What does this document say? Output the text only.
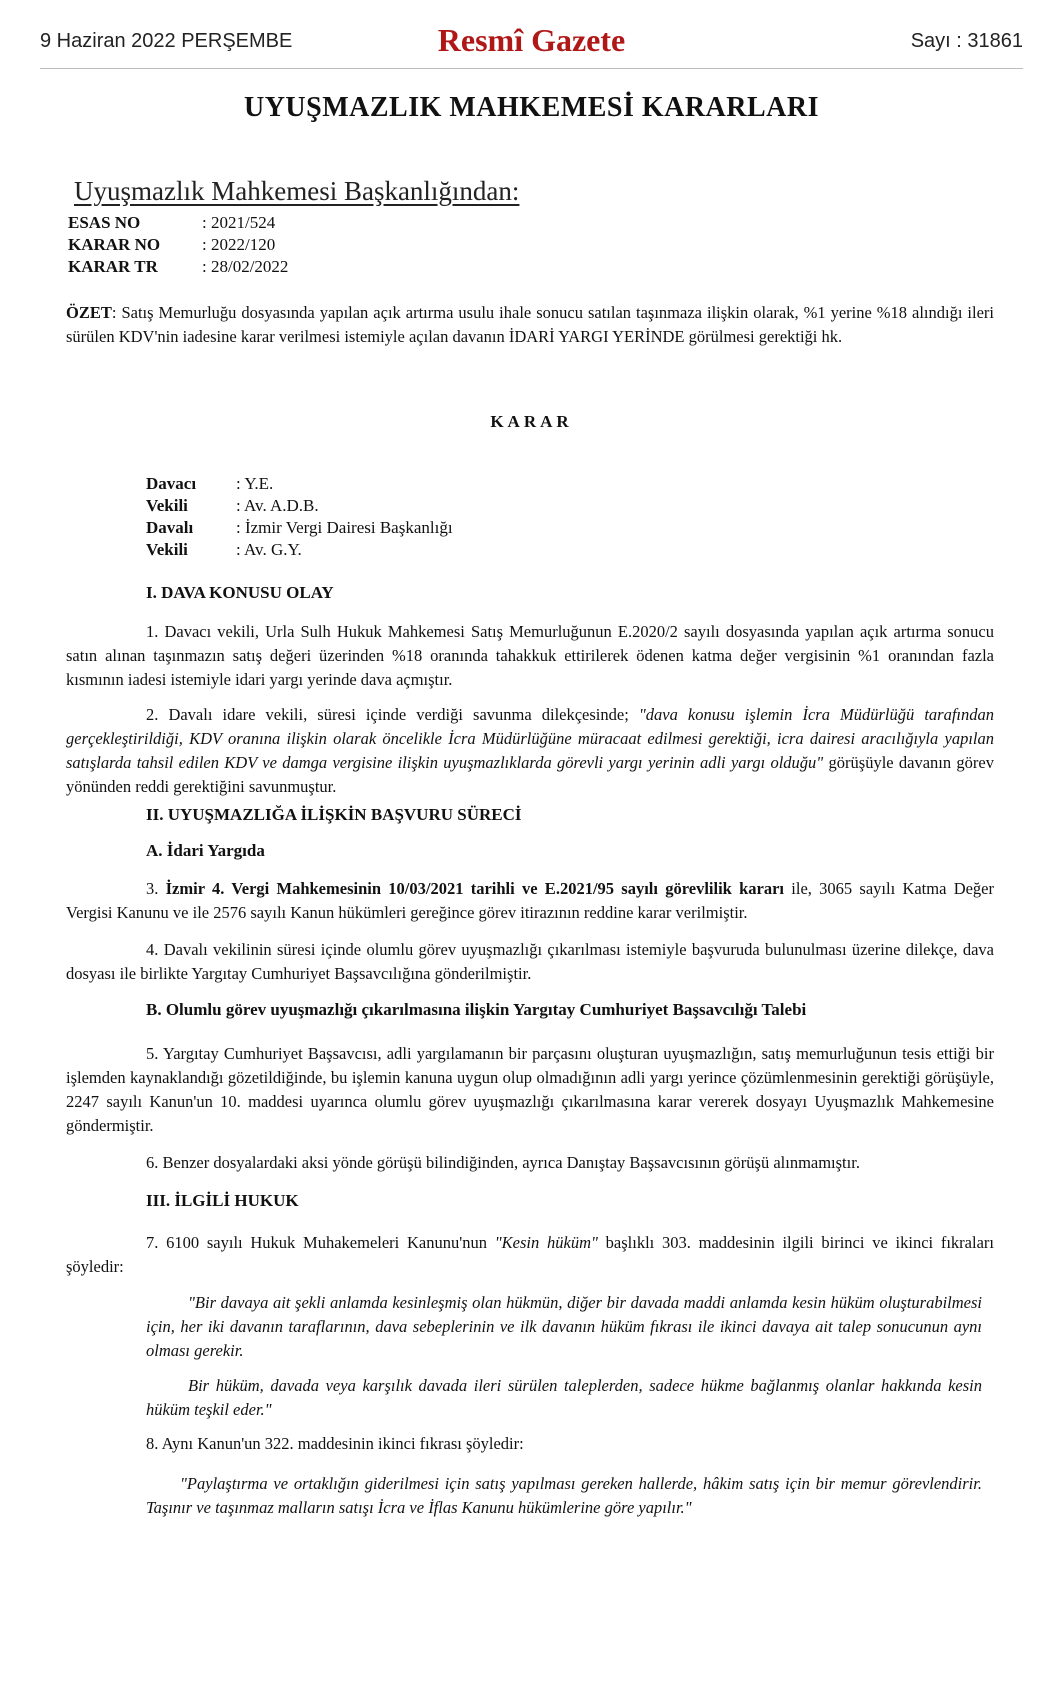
9 Haziran 2022 PERŞEMBE	Resmî Gazete	Sayı : 31861
UYUŞMAZLIK MAHKEMESİ KARARLARI
Uyuşmazlık Mahkemesi Başkanlığından:
ESAS NO	: 2021/524
KARAR NO : 2022/120
KARAR TR	: 28/02/2022
ÖZET: Satış Memurluğu dosyasında yapılan açık artırma usulu ihale sonucu satılan taşınmaza ilişkin olarak, %1 yerine %18 alındığı ileri sürülen KDV'nin iadesine karar verilmesi istemiyle açılan davanın İDARİ YARGI YERİNDE görülmesi gerektiği hk.
KARAR
Davacı : Y.E.
Vekili	: Av. A.D.B.
Davalı	: İzmir Vergi Dairesi Başkanlığı
Vekili	: Av. G.Y.
I. DAVA KONUSU OLAY
1. Davacı vekili, Urla Sulh Hukuk Mahkemesi Satış Memurluğunun E.2020/2 sayılı dosyasında yapılan açık artırma sonucu satın alınan taşınmazın satış değeri üzerinden %18 oranında tahakkuk ettirilerek ödenen katma değer vergisinin %1 oranından fazla kısmının iadesi istemiyle idari yargı yerinde dava açmıştır.
2. Davalı idare vekili, süresi içinde verdiği savunma dilekçesinde; "dava konusu işlemin İcra Müdürlüğü tarafından gerçekleştirildiği, KDV oranına ilişkin olarak öncelikle İcra Müdürlüğüne müracaat edilmesi gerektiği, icra dairesi aracılığıyla yapılan satışlarda tahsil edilen KDV ve damga vergisine ilişkin uyuşmazlıklarda görevli yargı yerinin adli yargı olduğu" görüşüyle davanın görev yönünden reddi gerektiğini savunmuştur.
II. UYUŞMAZLIĞA İLİŞKİN BAŞVURU SÜRECİ
A. İdari Yargıda
3. İzmir 4. Vergi Mahkemesinin 10/03/2021 tarihli ve E.2021/95 sayılı görevlilik kararı ile, 3065 sayılı Katma Değer Vergisi Kanunu ve ile 2576 sayılı Kanun hükümleri gereğince görev itirazının reddine karar verilmiştir.
4. Davalı vekilinin süresi içinde olumlu görev uyuşmazlığı çıkarılması istemiyle başvuruda bulunulması üzerine dilekçe, dava dosyası ile birlikte Yargıtay Cumhuriyet Başsavcılığına gönderilmiştir.
B. Olumlu görev uyuşmazlığı çıkarılmasına ilişkin Yargıtay Cumhuriyet Başsavcılığı Talebi
5. Yargıtay Cumhuriyet Başsavcısı, adli yargılamanın bir parçasını oluşturan uyuşmazlığın, satış memurluğunun tesis ettiği bir işlemden kaynaklandığı gözetildiğinde, bu işlemin kanuna uygun olup olmadığının adli yargı yerince çözümlenmesinin gerektiği görüşüyle, 2247 sayılı Kanun'un 10. maddesi uyarınca olumlu görev uyuşmazlığı çıkarılmasına karar vererek dosyayı Uyuşmazlık Mahkemesine göndermiştir.
6. Benzer dosyalardaki aksi yönde görüşü bilindiğinden, ayrıca Danıştay Başsavcısının görüşü alınmamıştır.
III. İLGİLİ HUKUK
7. 6100 sayılı Hukuk Muhakemeleri Kanunu'nun "Kesin hüküm" başlıklı 303. maddesinin ilgili birinci ve ikinci fıkraları şöyledir:
"Bir davaya ait şekli anlamda kesinleşmiş olan hükmün, diğer bir davada maddi anlamda kesin hüküm oluşturabilmesi için, her iki davanın taraflarının, dava sebeplerinin ve ilk davanın hüküm fıkrası ile ikinci davaya ait talep sonucunun aynı olması gerekir.
Bir hüküm, davada veya karşılık davada ileri sürülen taleplerden, sadece hükme bağlanmış olanlar hakkında kesin hüküm teşkil eder."
8. Aynı Kanun'un 322. maddesinin ikinci fıkrası şöyledir:
"Paylaştırma ve ortaklığın giderilmesi için satış yapılması gereken hallerde, hâkim satış için bir memur görevlendirir. Taşınır ve taşınmaz malların satışı İcra ve İflas Kanunu hükümlerine göre yapılır."
